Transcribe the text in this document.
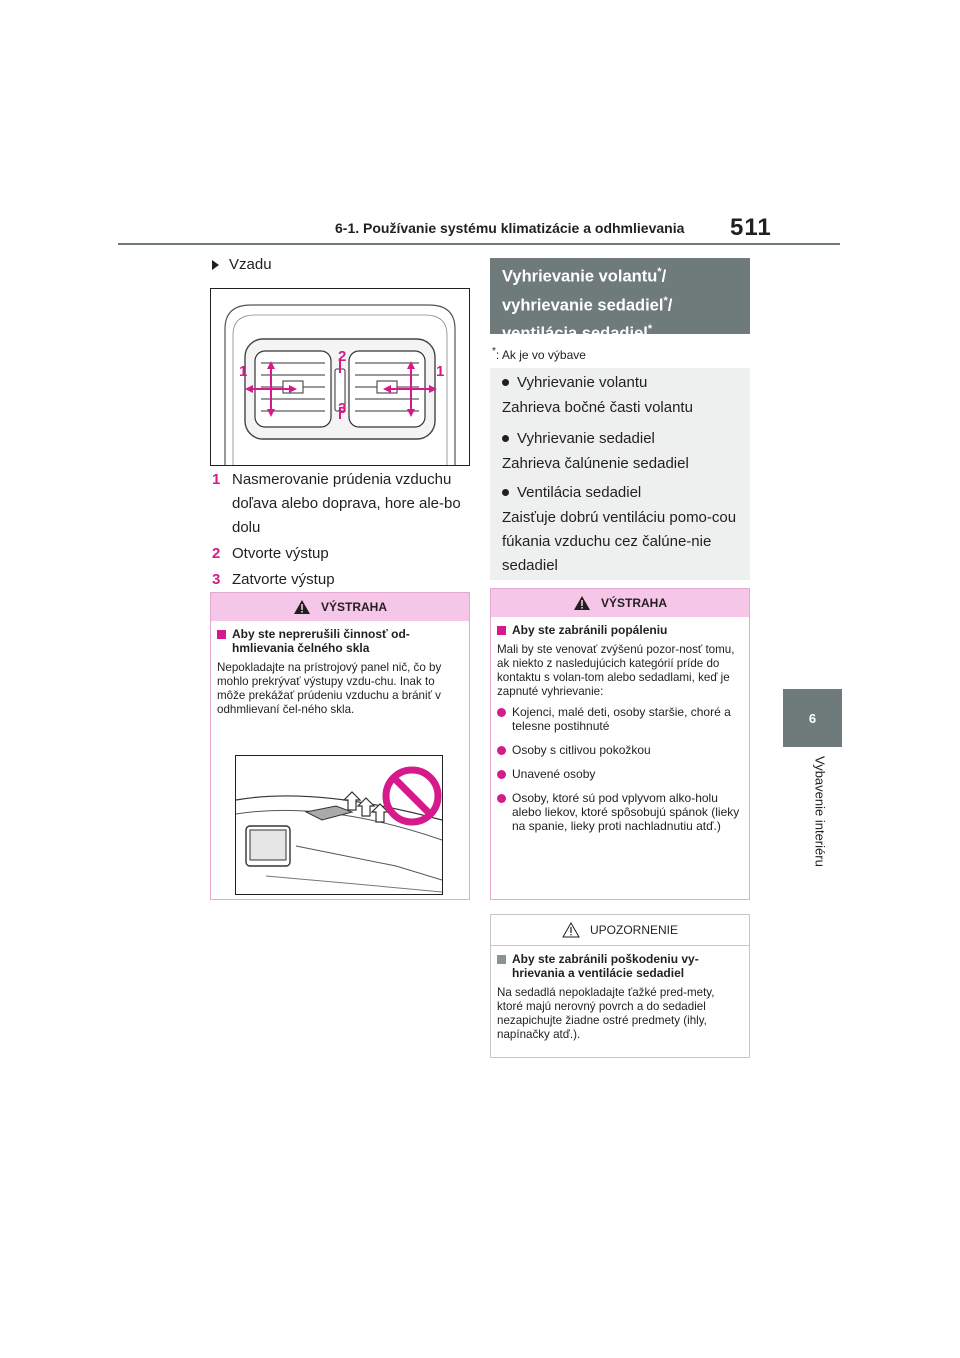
6-1. Používanie systému klimatizácie a odhmlievania 511
6
Vybavenie interiéru
Vzadu
1
2
1
3
1 Nasmerovanie prúdenia vzduchu doľava alebo doprava, hore ale-bo dolu
2 Otvorte výstup
3 Zatvorte výstup
VÝSTRAHA
Aby ste neprerušili činnosť od-hmlievania čelného skla
Nepokladajte na prístrojový panel nič, čo by mohlo prekrývať výstupy vzdu-chu. Inak to môže prekážať prúdeniu vzduchu a brániť v odhmlievaní čel-ného skla.
Vyhrievanie volantu*/ vyhrievanie sedadiel*/ ventilácia sedadiel*
*: Ak je vo výbave
Vyhrievanie volantu
Zahrieva bočné časti volantu
Vyhrievanie sedadiel
Zahrieva čalúnenie sedadiel
Ventilácia sedadiel
Zaisťuje dobrú ventiláciu pomo-cou fúkania vzduchu cez čalúne-nie sedadiel
VÝSTRAHA
Aby ste zabránili popáleniu
Mali by ste venovať zvýšenú pozor-nosť tomu, ak niekto z nasledujúcich kategórií príde do kontaktu s volan-tom alebo sedadlami, keď je zapnuté vyhrievanie:
Kojenci, malé deti, osoby staršie, choré a telesne postihnuté
Osoby s citlivou pokožkou
Unavené osoby
Osoby, ktoré sú pod vplyvom alko-holu alebo liekov, ktoré spôsobujú spánok (lieky na spanie, lieky proti nachladnutiu atď.)
UPOZORNENIE
Aby ste zabránili poškodeniu vy-hrievania a ventilácie sedadiel
Na sedadlá nepokladajte ťažké pred-mety, ktoré majú nerovný povrch a do sedadiel nezapichujte žiadne ostré predmety (ihly, napínačky atď.).
